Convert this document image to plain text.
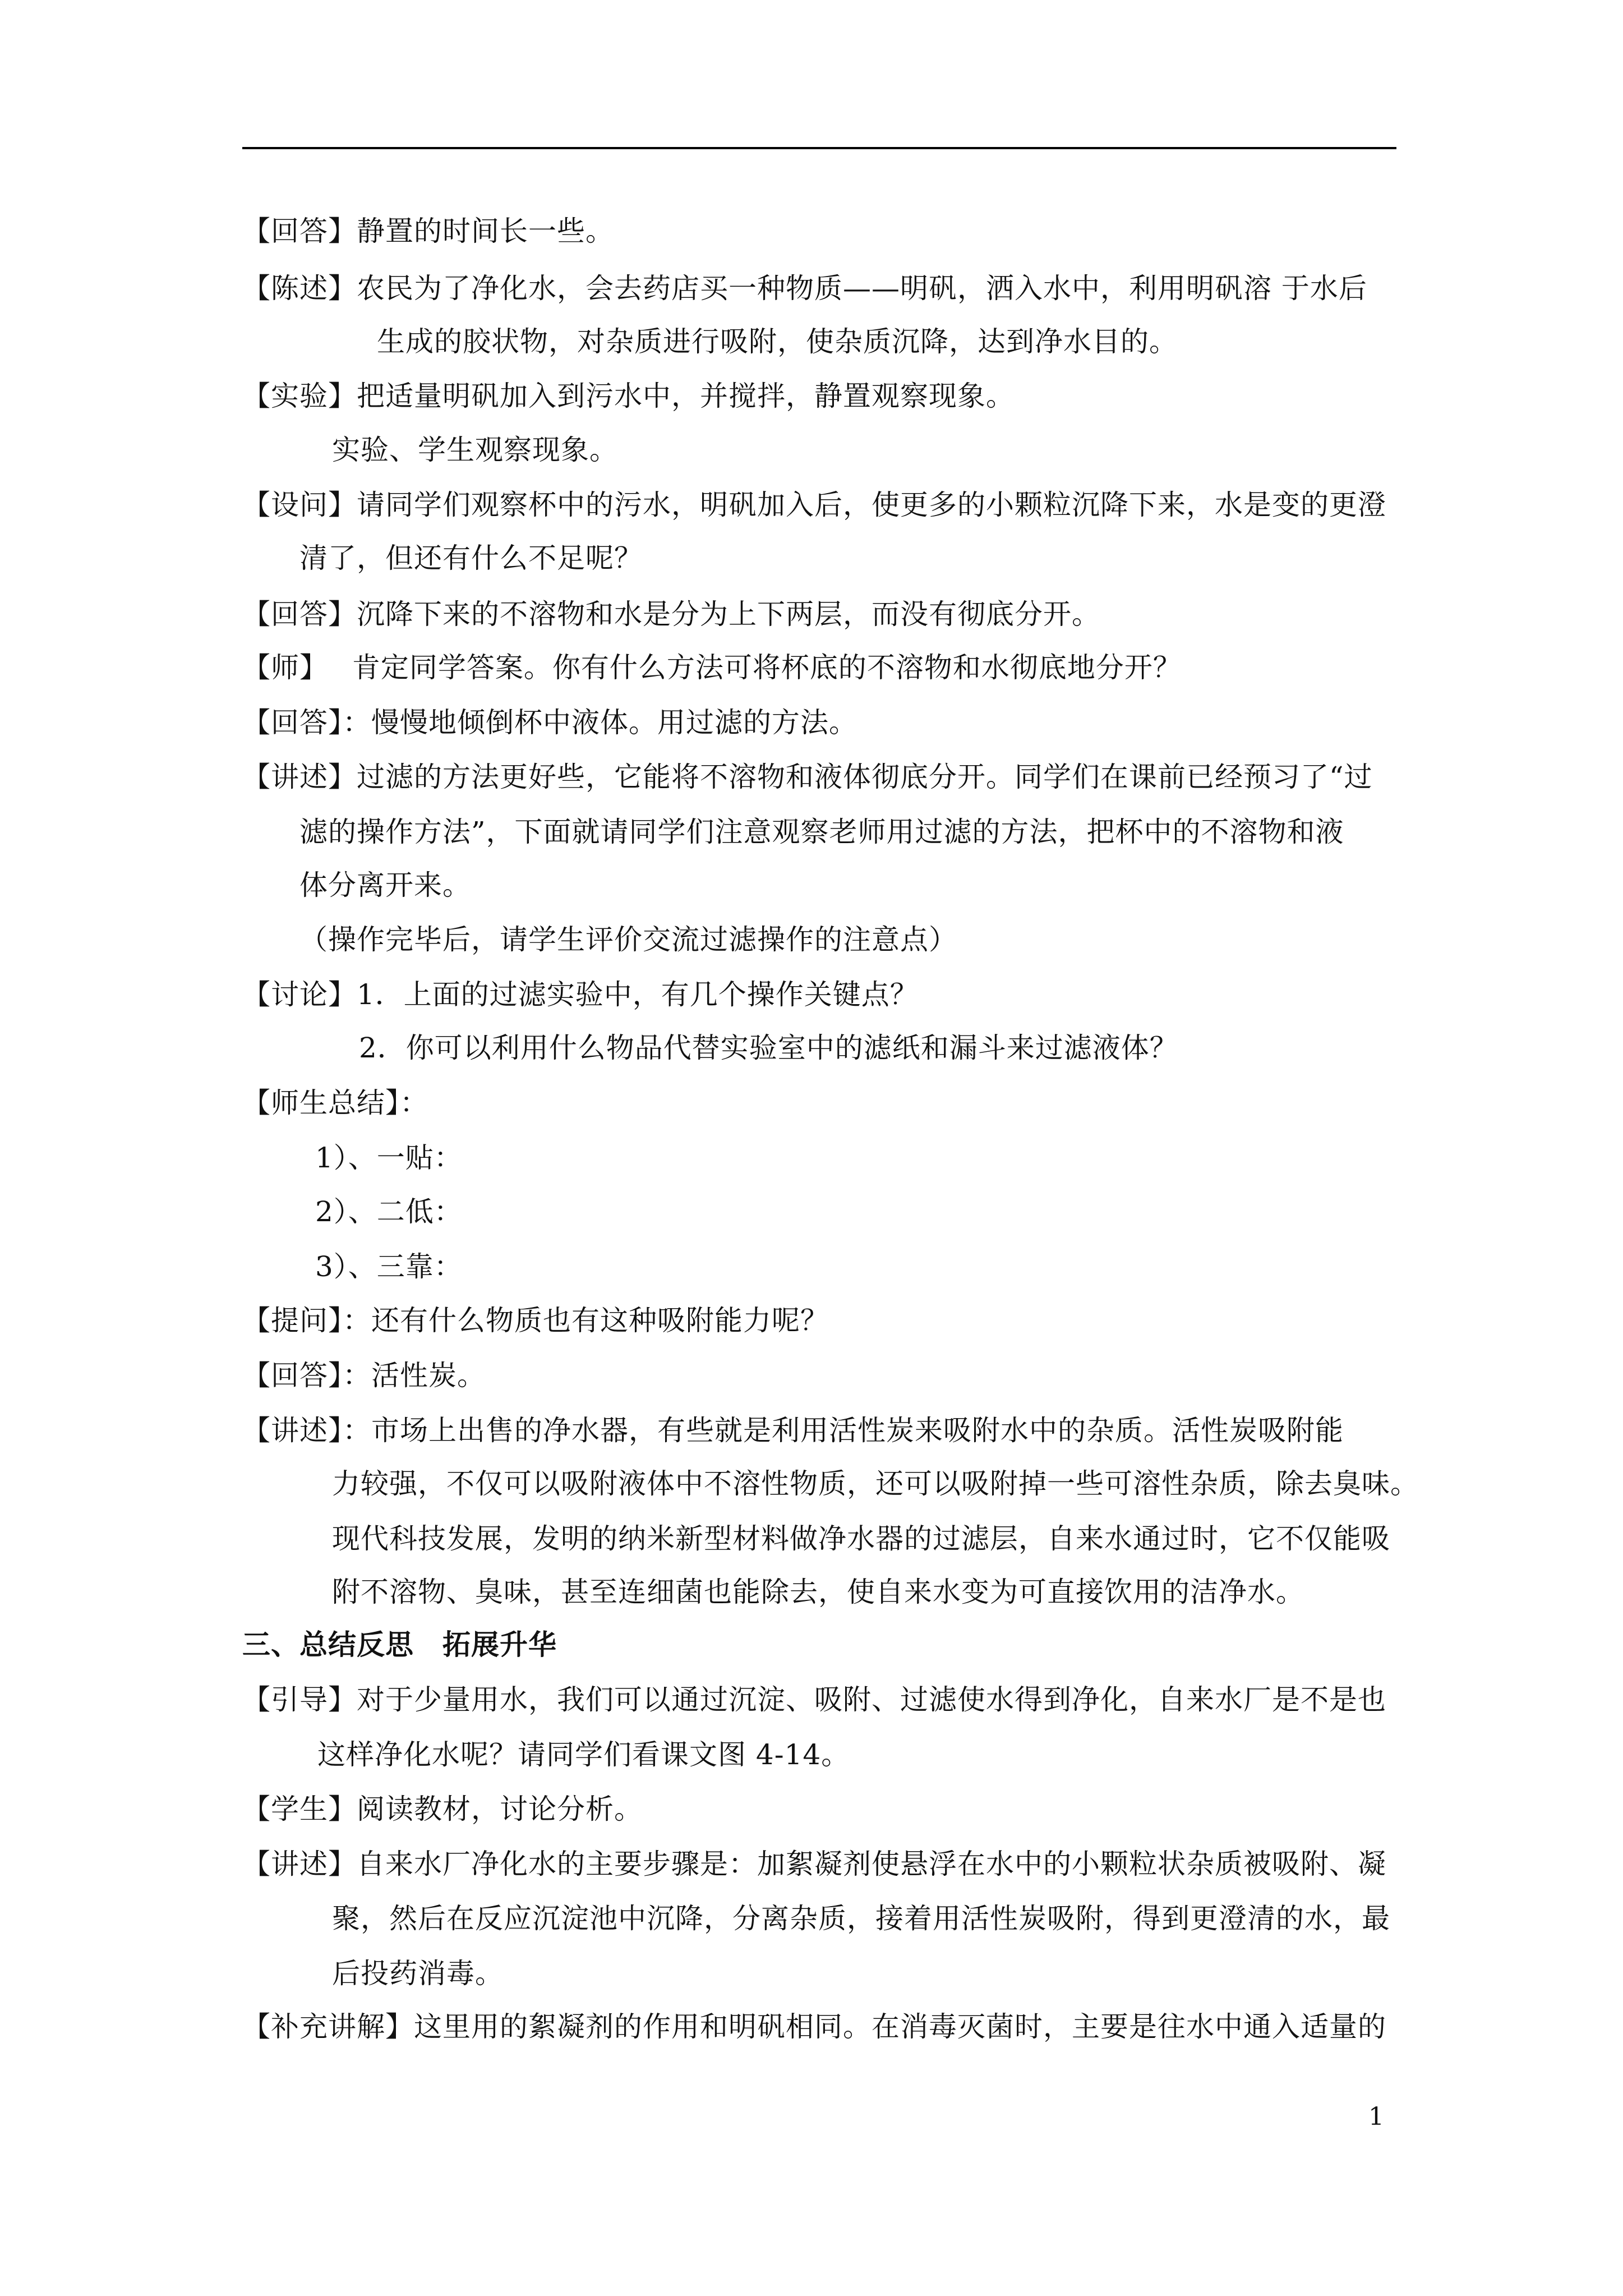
【回答】静置的时间长一些。
【陈述】农民为了净化水，会去药店买一种物质——明矾，洒入水中，利用明矾溶 于水后
生成的胶状物，对杂质进行吸附，使杂质沉降，达到净水目的。
【实验】把适量明矾加入到污水中，并搅拌，静置观察现象。
实验、学生观察现象。
【设问】请同学们观察杯中的污水，明矾加入后，使更多的小颗粒沉降下来，水是变的更澄
清了，但还有什么不足呢？
【回答】沉降下来的不溶物和水是分为上下两层，而没有彻底分开。
【师】　 肯定同学答案。你有什么方法可将杯底的不溶物和水彻底地分开？
【回答】：慢慢地倾倒杯中液体。用过滤的方法。
【讲述】过滤的方法更好些，它能将不溶物和液体彻底分开。同学们在课前已经预习了“过
滤的操作方法”，下面就请同学们注意观察老师用过滤的方法，把杯中的不溶物和液
体分离开来。
（操作完毕后，请学生评价交流过滤操作的注意点）
【讨论】1．上面的过滤实验中，有几个操作关键点？
2．你可以利用什么物品代替实验室中的滤纸和漏斗来过滤液体？
【师生总结】：
1）、一贴：
2）、二低：
3）、三靠：
【提问】：还有什么物质也有这种吸附能力呢？
【回答】：活性炭。
【讲述】：市场上出售的净水器，有些就是利用活性炭来吸附水中的杂质。活性炭吸附能
力较强，不仅可以吸附液体中不溶性物质，还可以吸附掉一些可溶性杂质，除去臭味。
现代科技发展，发明的纳米新型材料做净水器的过滤层，自来水通过时，它不仅能吸
附不溶物、臭味，甚至连细菌也能除去，使自来水变为可直接饮用的洁净水。
三、总结反思　拓展升华
【引导】对于少量用水，我们可以通过沉淀、吸附、过滤使水得到净化，自来水厂是不是也
这样净化水呢？请同学们看课文图 4-14。
【学生】阅读教材，讨论分析。
【讲述】自来水厂净化水的主要步骤是：加絮凝剂使悬浮在水中的小颗粒状杂质被吸附、凝
聚，然后在反应沉淀池中沉降，分离杂质，接着用活性炭吸附，得到更澄清的水，最
后投药消毒。
【补充讲解】这里用的絮凝剂的作用和明矾相同。在消毒灭菌时，主要是往水中通入适量的
1
